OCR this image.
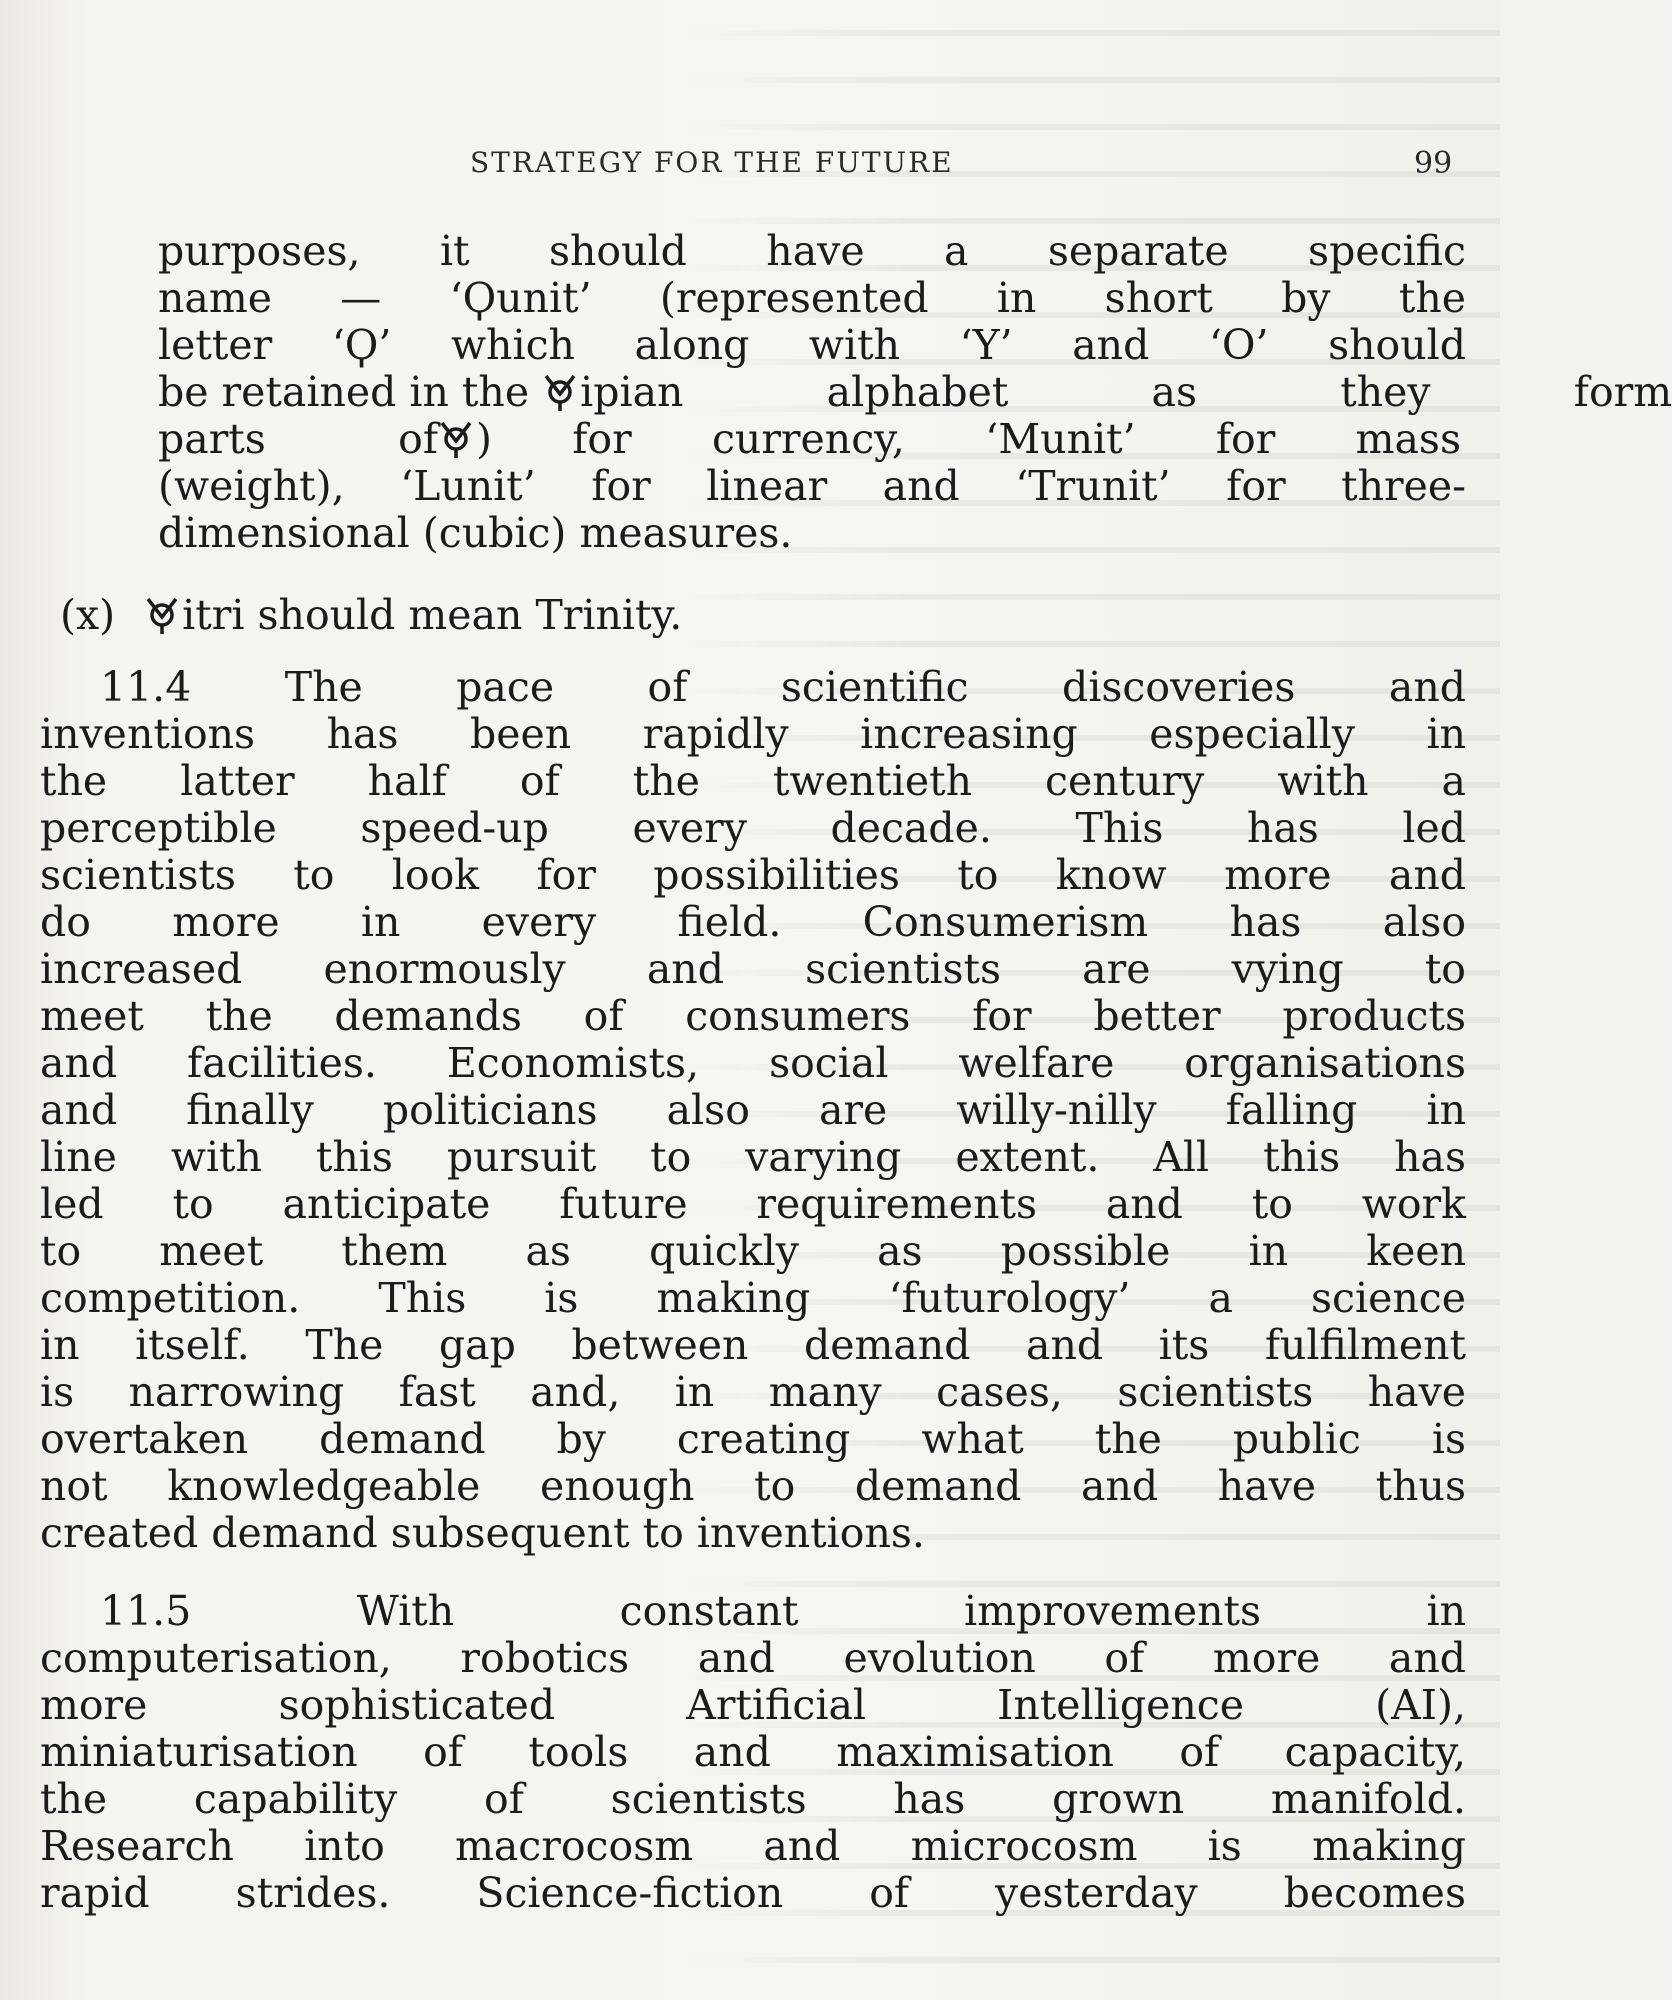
STRATEGY FOR THE FUTURE	99
purposes, it should have a separate specific
name — ‘Ϙunit’ (represented in short by the
letter ‘Ϙ’ which along with ‘Y’ and ‘O’ should
be retained in the
ipian alphabet as they form
parts of
) for currency, ‘Munit’ for mass
(weight), ‘Lunit’ for linear and ‘Trunit’ for three-
dimensional (cubic) measures.
(x) itri should mean Trinity.
11.4 The pace of scientific discoveries and
inventions has been rapidly increasing especially in
the latter half of the twentieth century with a
perceptible speed-up every decade. This has led
scientists to look for possibilities to know more and
do more in every field. Consumerism has also
increased enormously and scientists are vying to
meet the demands of consumers for better products
and facilities. Economists, social welfare organisations
and finally politicians also are willy-nilly falling in
line with this pursuit to varying extent. All this has
led to anticipate future requirements and to work
to meet them as quickly as possible in keen
competition. This is making ‘futurology’ a science
in itself. The gap between demand and its fulfilment
is narrowing fast and, in many cases, scientists have
overtaken demand by creating what the public is
not knowledgeable enough to demand and have thus
created demand subsequent to inventions.
11.5 With constant improvements in
computerisation, robotics and evolution of more and
more sophisticated Artificial Intelligence (AI),
miniaturisation of tools and maximisation of capacity,
the capability of scientists has grown manifold.
Research into macrocosm and microcosm is making
rapid strides. Science-fiction of yesterday becomes
